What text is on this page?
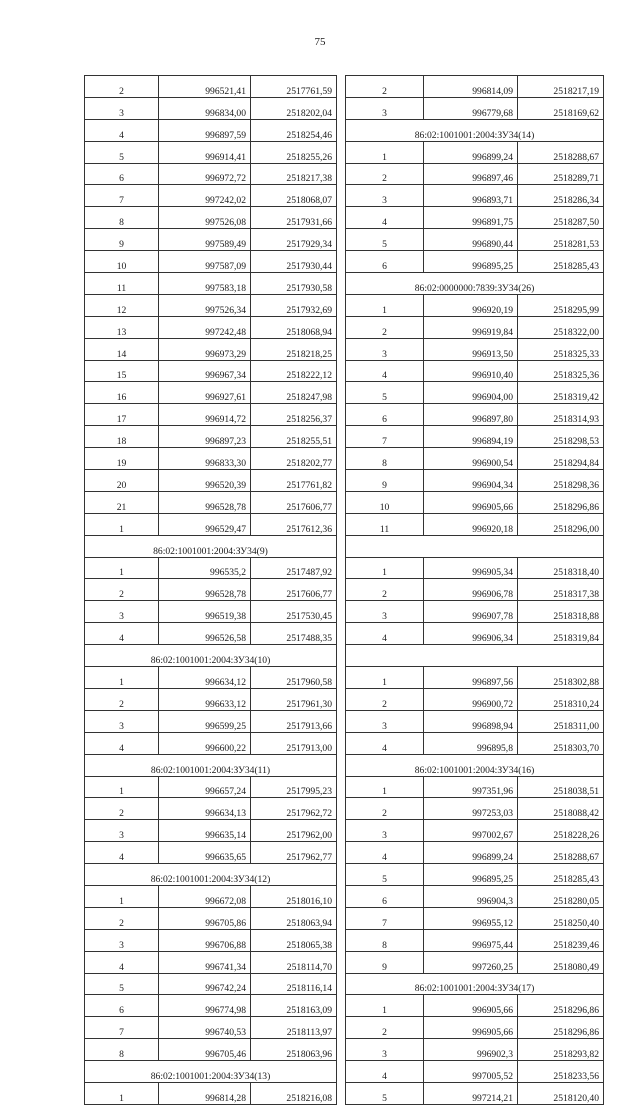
75
2	996521,41	2517761,59
3	996834,00	2518202,04
4	996897,59	2518254,46
5	996914,41	2518255,26
6	996972,72	2518217,38
7	997242,02	2518068,07
8	997526,08	2517931,66
9	997589,49	2517929,34
10	997587,09	2517930,44
11	997583,18	2517930,58
12	997526,34	2517932,69
13	997242,48	2518068,94
14	996973,29	2518218,25
15	996967,34	2518222,12
16	996927,61	2518247,98
17	996914,72	2518256,37
18	996897,23	2518255,51
19	996833,30	2518202,77
20	996520,39	2517761,82
21	996528,78	2517606,77
1	996529,47	2517612,36
86:02:1001001:2004:ЗУ34(9)		
1	996535,2	2517487,92
2	996528,78	2517606,77
3	996519,38	2517530,45
4	996526,58	2517488,35
86:02:1001001:2004:ЗУ34(10)		
1	996634,12	2517960,58
2	996633,12	2517961,30
3	996599,25	2517913,66
4	996600,22	2517913,00
86:02:1001001:2004:ЗУ34(11)		
1	996657,24	2517995,23
2	996634,13	2517962,72
3	996635,14	2517962,00
4	996635,65	2517962,77
86:02:1001001:2004:ЗУ34(12)		
1	996672,08	2518016,10
2	996705,86	2518063,94
3	996706,88	2518065,38
4	996741,34	2518114,70
5	996742,24	2518116,14
6	996774,98	2518163,09
7	996740,53	2518113,97
8	996705,46	2518063,96
86:02:1001001:2004:ЗУ34(13)		
1	996814,28	2518216,08
2	996814,09	2518217,19
3	996779,68	2518169,62
86:02:1001001:2004:ЗУ34(14)		
1	996899,24	2518288,67
2	996897,46	2518289,71
3	996893,71	2518286,34
4	996891,75	2518287,50
5	996890,44	2518281,53
6	996895,25	2518285,43
86:02:0000000:7839:ЗУ34(26)		
1	996920,19	2518295,99
2	996919,84	2518322,00
3	996913,50	2518325,33
4	996910,40	2518325,36
5	996904,00	2518319,42
6	996897,80	2518314,93
7	996894,19	2518298,53
8	996900,54	2518294,84
9	996904,34	2518298,36
10	996905,66	2518296,86
11	996920,18	2518296,00

1	996905,34	2518318,40
2	996906,78	2518317,38
3	996907,78	2518318,88
4	996906,34	2518319,84

1	996897,56	2518302,88
2	996900,72	2518310,24
3	996898,94	2518311,00
4	996895,8	2518303,70
86:02:1001001:2004:ЗУ34(16)		
1	997351,96	2518038,51
2	997253,03	2518088,42
3	997002,67	2518228,26
4	996899,24	2518288,67
5	996895,25	2518285,43
6	996904,3	2518280,05
7	996955,12	2518250,40
8	996975,44	2518239,46
9	997260,25	2518080,49
86:02:1001001:2004:ЗУ34(17)		
1	996905,66	2518296,86
2	996905,66	2518296,86
3	996902,3	2518293,82
4	997005,52	2518233,56
5	997214,21	2518120,40
